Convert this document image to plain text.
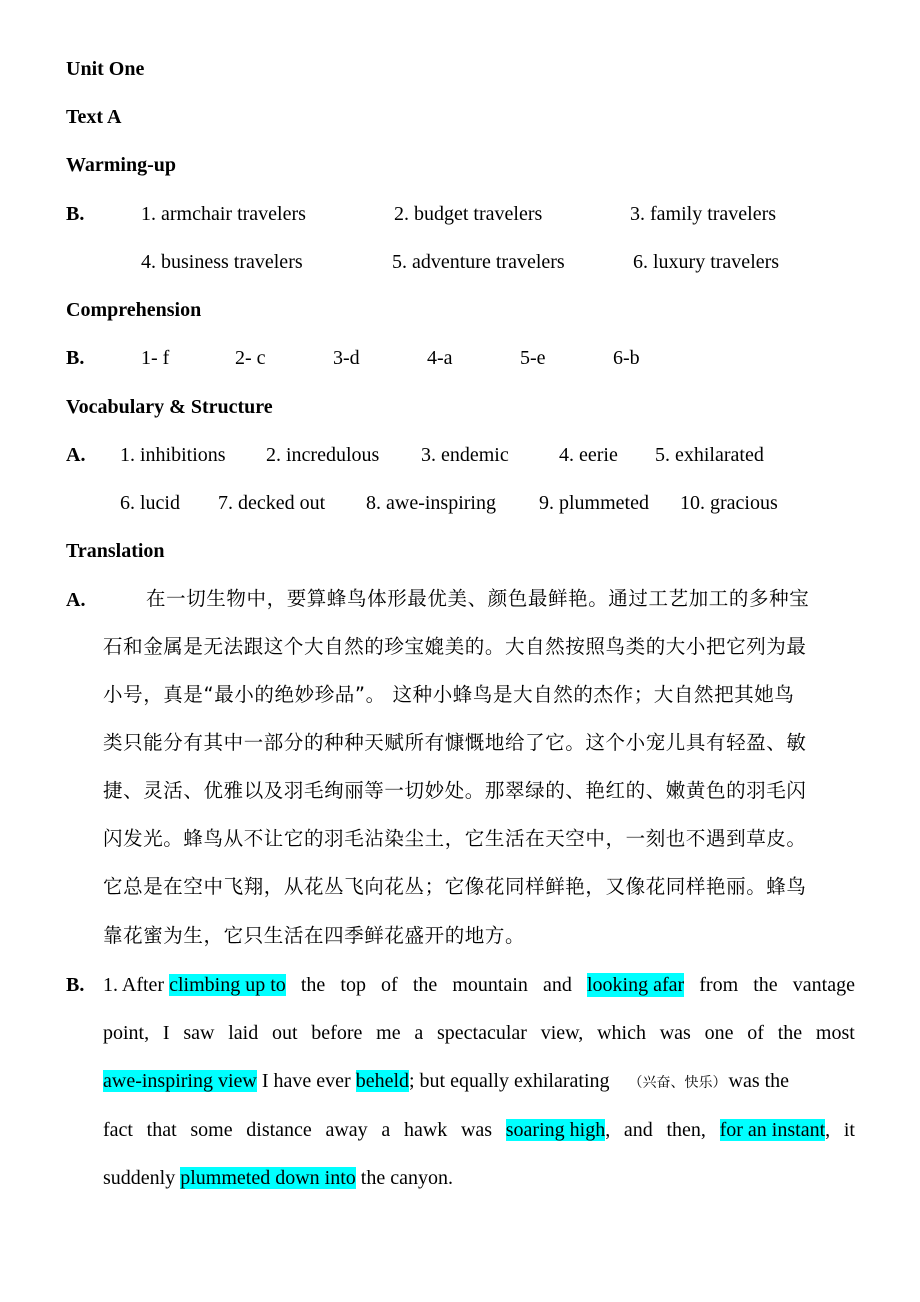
Unit One
Text A
Warming-up
B.	1. armchair travelers	2. budget travelers	3. family travelers
4. business travelers	5. adventure travelers	6. luxury travelers
Comprehension
B.	1- f	2- c	3-d	4-a	5-e	6-b
Vocabulary & Structure
A. 1. inhibitions 2. incredulous 3. endemic	4. eerie 5. exhilarated
6. lucid 7. decked out 8. awe-inspiring 9. plummeted 10. gracious
Translation
A.	在一切生物中，要算蜂鸟体形最优美、颜色最鲜艳。通过工艺加工的多种宝
石和金属是无法跟这个大自然的珍宝媲美的。大自然按照鸟类的大小把它列为最
小号，真是“最小的绝妙珍品”。 这种小蜂鸟是大自然的杰作；大自然把其她鸟
类只能分有其中一部分的种种天赋所有慷慨地给了它。这个小宠儿具有轻盈、敏
捷、灵活、优雅以及羽毛绚丽等一切妙处。那翠绿的、艳红的、嫩黄色的羽毛闪
闪发光。蜂鸟从不让它的羽毛沾染尘土，它生活在天空中，一刻也不遇到草皮。
它总是在空中飞翔，从花丛飞向花丛；它像花同样鲜艳，又像花同样艳丽。蜂鸟
靠花蜜为生，它只生活在四季鲜花盛开的地方。
B. 1. After climbing up to the top of the mountain and looking afar from the vantage
point, I saw laid out before me a spectacular view, which was one of the most
awe-inspiring view I have ever beheld; but equally exhilarating （兴奋、快乐） was the
fact that some distance away a hawk was soaring high, and then, for an instant, it
suddenly plummeted down into the canyon.
